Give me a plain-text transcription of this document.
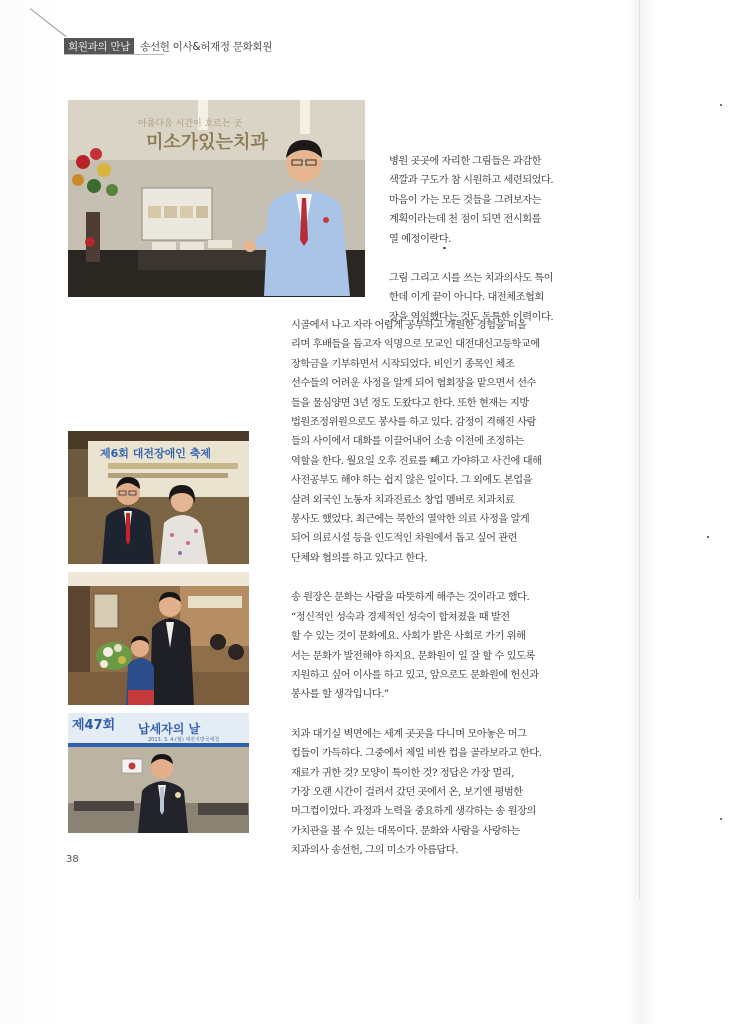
회원과의 만남 송선헌 이사&허재정 문화회원
아름다움 시간이 흐르는 곳
미소가있는치과
제6회 대전장애인 축제
제47회 납세자의 날
2013. 3. 4.(월) 대전지방국세청

병원 곳곳에 자리한 그림들은 과감한
색깔과 구도가 참 시원하고 세련되었다.
마음이 가는 모든 것들을 그려보자는
계획이라는데 천 점이 되면 전시회를
열 예정이란다.

그림 그리고 시를 쓰는 치과의사도 특이
한데 이게 끝이 아니다. 대전체조협회
장을 역임했다는 것도 독특한 이력이다.

시골에서 나고 자라 어렵게 공부하고 개원한 경험을 떠올
리며 후배들을 돕고자 익명으로 모교인 대전대신고등학교에
장학금을 기부하면서 시작되었다. 비인기 종목인 체조
선수들의 어려운 사정을 알게 되어 협회장을 맡으면서 선수
들을 물심양면 3년 정도 도왔다고 한다. 또한 현재는 지방
법원조정위원으로도 봉사를 하고 있다. 감정이 격해진 사람
들의 사이에서 대화를 이끌어내어 소송 이전에 조정하는
역할을 한다. 월요일 오후 진료를 빼고 가야하고 사건에 대해
사전공부도 해야 하는 쉽지 않은 일이다. 그 외에도 본업을
살려 외국인 노동자 치과진료소 창업 멤버로 치과치료
봉사도 했었다. 최근에는 북한의 열악한 의료 사정을 알게
되어 의료시설 등을 인도적인 차원에서 돕고 싶어 관련
단체와 협의를 하고 있다고 한다.

송 원장은 문화는 사람을 따뜻하게 해주는 것이라고 했다.
“정신적인 성숙과 경제적인 성숙이 합쳐졌을 때 발전
할 수 있는 것이 문화예요. 사회가 밝은 사회로 가기 위해
서는 문화가 발전해야 하지요. 문화원이 일 잘 할 수 있도록
지원하고 싶어 이사를 하고 있고, 앞으로도 문화원에 헌신과
봉사를 할 생각입니다.”

치과 대기실 벽면에는 세계 곳곳을 다니며 모아놓은 머그
컵들이 가득하다. 그중에서 제일 비싼 컵을 골라보라고 한다.
재료가 귀한 것? 모양이 특이한 것? 정답은 가장 멀리,
가장 오랜 시간이 걸려서 갔던 곳에서 온, 보기엔 평범한
머그컵이었다. 과정과 노력을 중요하게 생각하는 송 원장의
가치관을 볼 수 있는 대목이다. 문화와 사람을 사랑하는
치과의사 송선헌, 그의 미소가 아름답다.

38
